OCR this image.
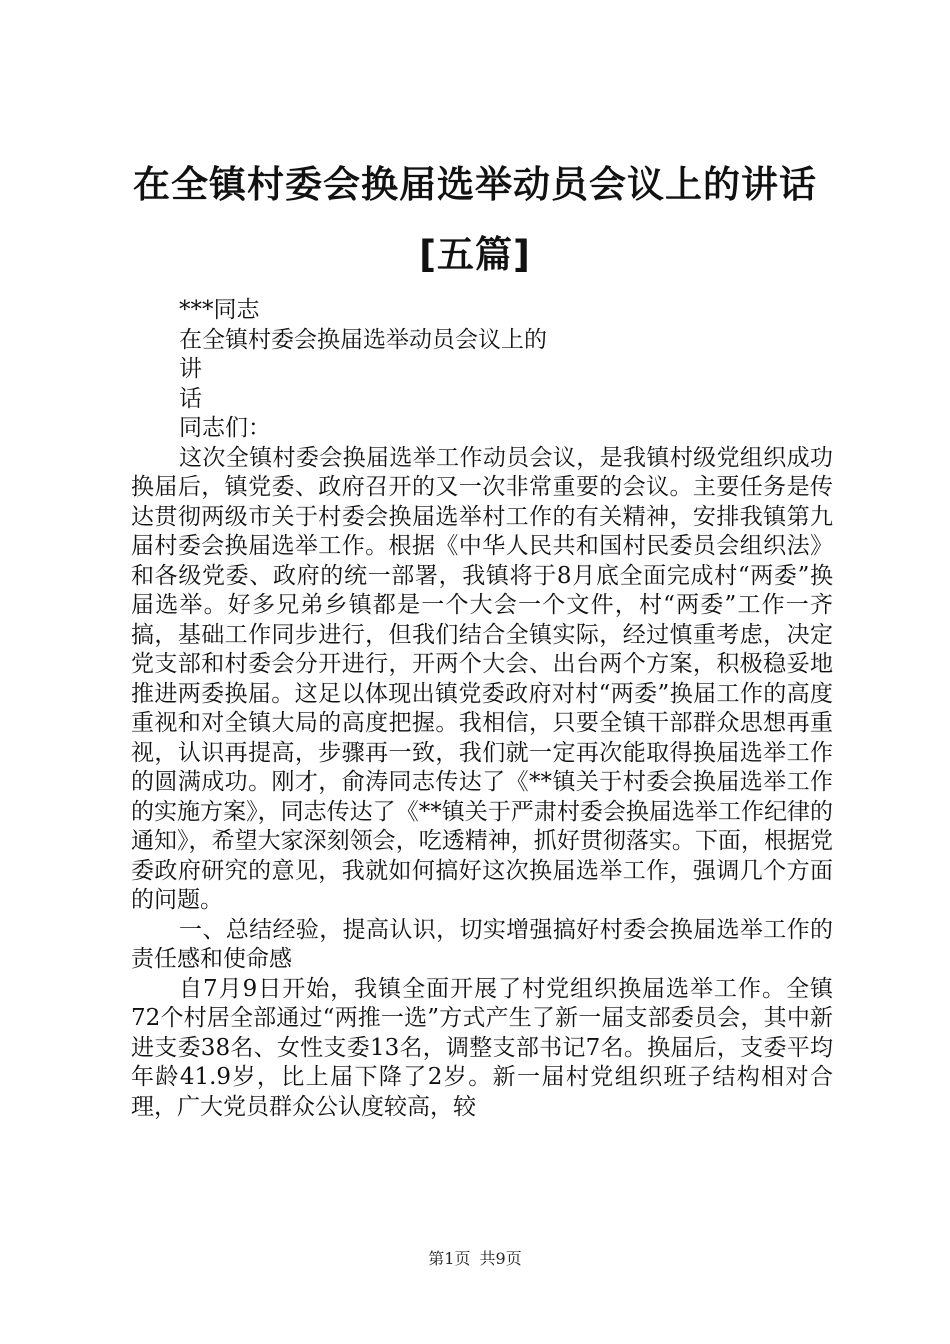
在全镇村委会换届选举动员会议上的讲话[五篇]
***同志
在全镇村委会换届选举动员会议上的
讲
话
同志们：
这次全镇村委会换届选举工作动员会议，是我镇村级党组织成功换届后，镇党委、政府召开的又一次非常重要的会议。主要任务是传达贯彻两级市关于村委会换届选举村工作的有关精神，安排我镇第九届村委会换届选举工作。根据《中华人民共和国村民委员会组织法》和各级党委、政府的统一部署，我镇将于8月底全面完成村“两委”换届选举。好多兄弟乡镇都是一个大会一个文件，村“两委”工作一齐搞，基础工作同步进行，但我们结合全镇实际，经过慎重考虑，决定党支部和村委会分开进行，开两个大会、出台两个方案，积极稳妥地推进两委换届。这足以体现出镇党委政府对村“两委”换届工作的高度重视和对全镇大局的高度把握。我相信，只要全镇干部群众思想再重视，认识再提高，步骤再一致，我们就一定再次能取得换届选举工作的圆满成功。刚才，俞涛同志传达了《**镇关于村委会换届选举工作的实施方案》，同志传达了《**镇关于严肃村委会换届选举工作纪律的通知》，希望大家深刻领会，吃透精神，抓好贯彻落实。下面，根据党委政府研究的意见，我就如何搞好这次换届选举工作，强调几个方面的问题。
一、总结经验，提高认识，切实增强搞好村委会换届选举工作的责任感和使命感
自7月9日开始，我镇全面开展了村党组织换届选举工作。全镇72个村居全部通过“两推一选”方式产生了新一届支部委员会，其中新进支委38名、女性支委13名，调整支部书记7名。换届后，支委平均年龄41.9岁，比上届下降了2岁。新一届村党组织班子结构相对合理，广大党员群众公认度较高，较
第1页 共9页
